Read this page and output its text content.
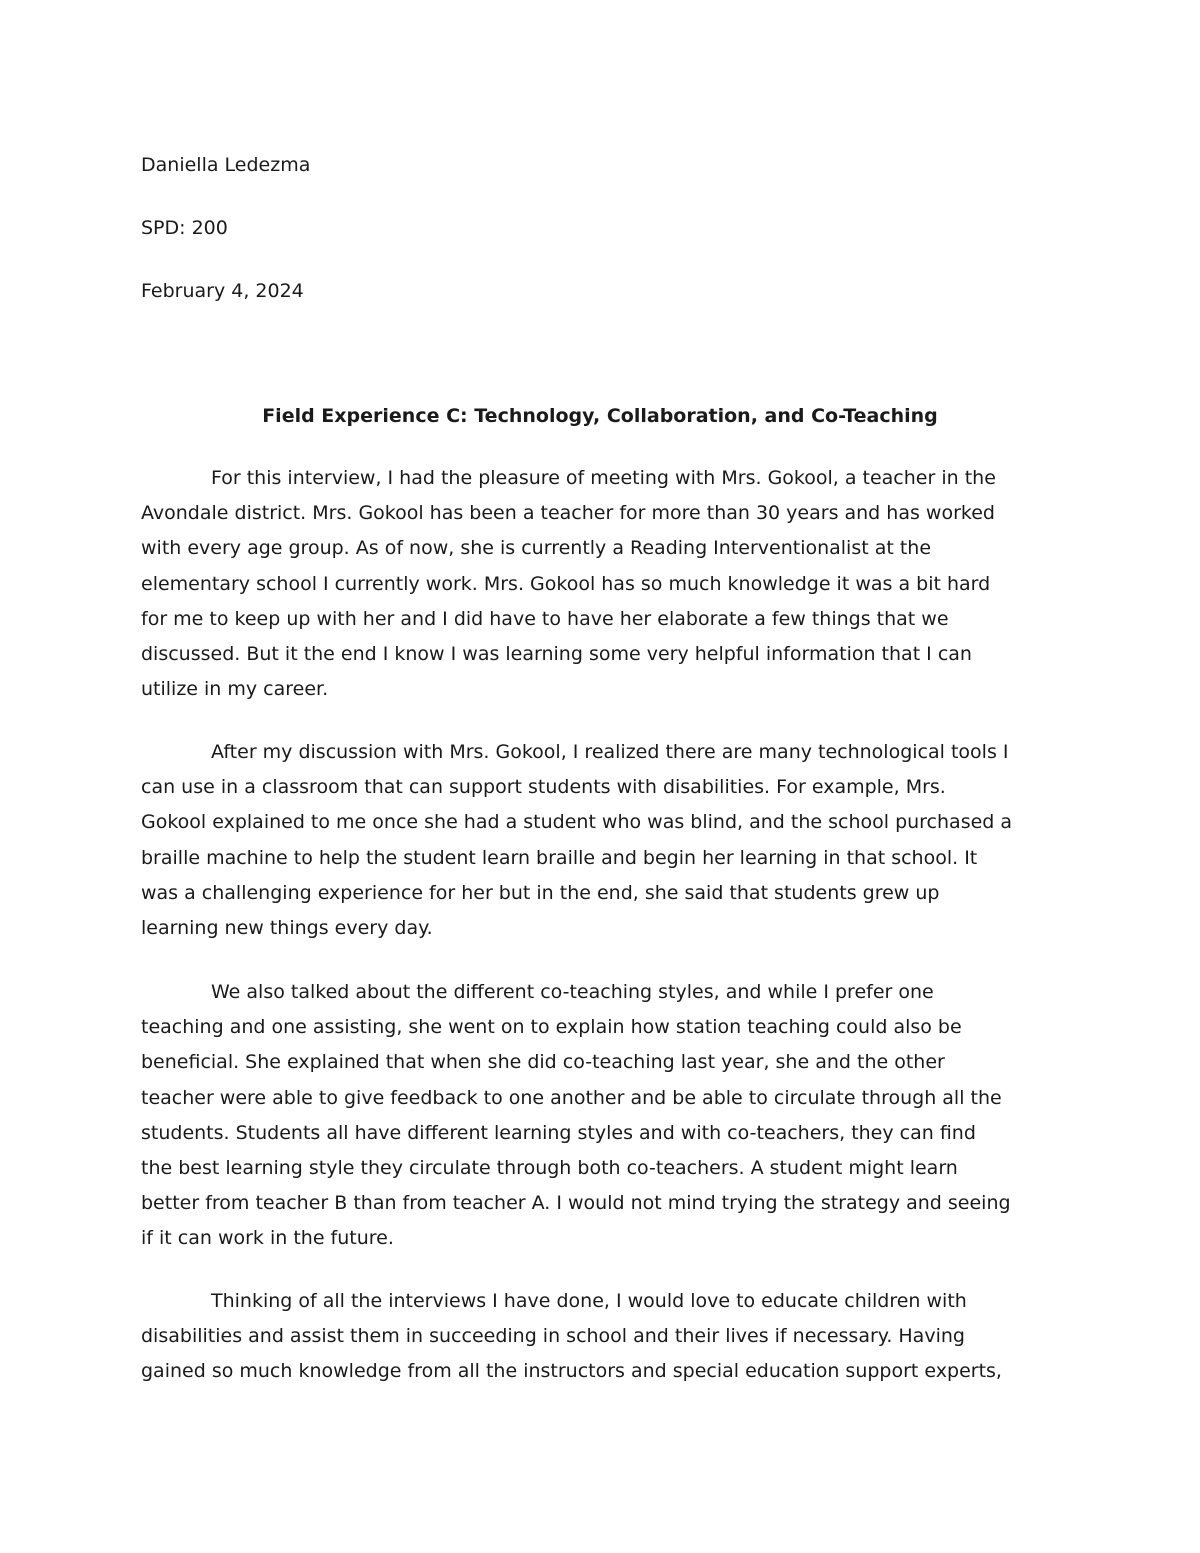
Daniella Ledezma
SPD: 200
February 4, 2024
Field Experience C: Technology, Collaboration, and Co-Teaching
For this interview, I had the pleasure of meeting with Mrs. Gokool, a teacher in the
Avondale district. Mrs. Gokool has been a teacher for more than 30 years and has worked
with every age group. As of now, she is currently a Reading Interventionalist at the
elementary school I currently work. Mrs. Gokool has so much knowledge it was a bit hard
for me to keep up with her and I did have to have her elaborate a few things that we
discussed. But it the end I know I was learning some very helpful information that I can
utilize in my career.
After my discussion with Mrs. Gokool, I realized there are many technological tools I
can use in a classroom that can support students with disabilities. For example, Mrs.
Gokool explained to me once she had a student who was blind, and the school purchased a
braille machine to help the student learn braille and begin her learning in that school. It
was a challenging experience for her but in the end, she said that students grew up
learning new things every day.
We also talked about the different co-teaching styles, and while I prefer one
teaching and one assisting, she went on to explain how station teaching could also be
beneficial. She explained that when she did co-teaching last year, she and the other
teacher were able to give feedback to one another and be able to circulate through all the
students. Students all have different learning styles and with co-teachers, they can find
the best learning style they circulate through both co-teachers. A student might learn
better from teacher B than from teacher A. I would not mind trying the strategy and seeing
if it can work in the future.
Thinking of all the interviews I have done, I would love to educate children with
disabilities and assist them in succeeding in school and their lives if necessary. Having
gained so much knowledge from all the instructors and special education support experts,
